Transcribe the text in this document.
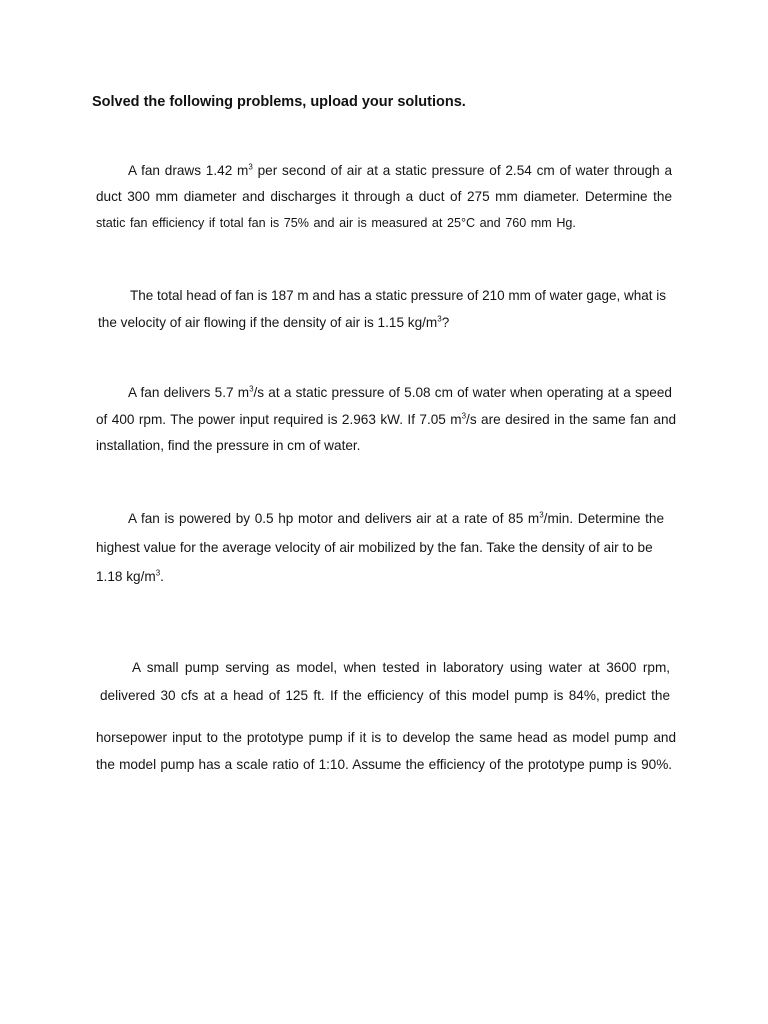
Solved the following problems, upload your solutions.
A fan draws 1.42 $m^3$ per second of air at a static pressure of 2.54 cm of water through a
duct 300 mm diameter and discharges it through a duct of 275 mm diameter. Determine the
static fan efficiency if total fan is 75% and air is measured at 25°C and 760 mm Hg.
The total head of fan is 187 m and has a static pressure of 210 mm of water gage, what is
the velocity of air flowing if the density of air is 1.15 $kg/m^3$?
A fan delivers 5.7 $m^3/s$ at a static pressure of 5.08 cm of water when operating at a speed
of 400 rpm. The power input required is 2.963 kW. If 7.05 $m^3/s$ are desired in the same fan and
installation, find the pressure in cm of water.
A fan is powered by 0.5 hp motor and delivers air at a rate of 85 $m^3/\min$. Determine the
highest value for the average velocity of air mobilized by the fan. Take the density of air to be
1.18 $kg/m^3$.
A small pump serving as model, when tested in laboratory using water at 3600 rpm,
delivered 30 cfs at a head of 125 ft. If the efficiency of this model pump is 84%, predict the
horsepower input to the prototype pump if it is to develop the same head as model pump and
the model pump has a scale ratio of 1:10. Assume the efficiency of the prototype pump is 90%.
